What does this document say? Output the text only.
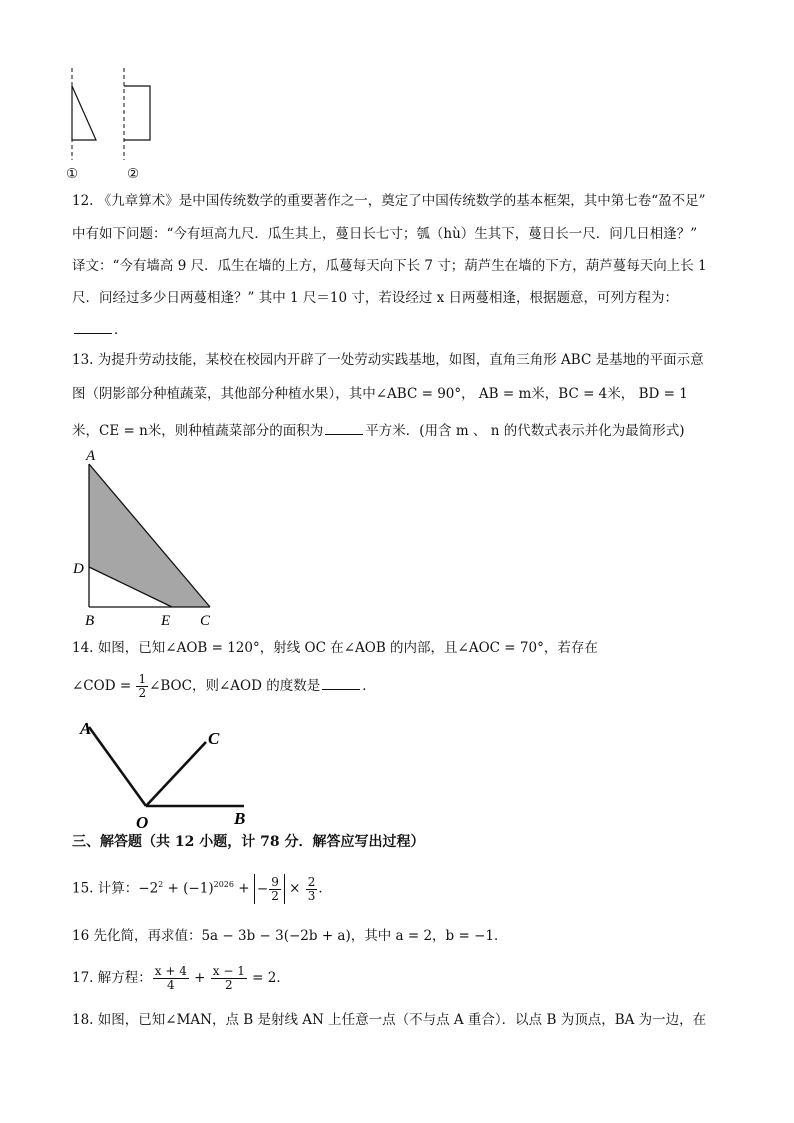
①	②
12. 《九章算术》是中国传统数学的重要著作之一，奠定了中国传统数学的基本框架，其中第七卷“盈不足”
中有如下问题：“今有垣高九尺．瓜生其上，蔓日长七寸；瓠（hù）生其下，蔓日长一尺．问几日相逢？”
译文：“今有墙高 9 尺．瓜生在墙的上方，瓜蔓每天向下长 7 寸；葫芦生在墙的下方，葫芦蔓每天向上长 1
尺．问经过多少日两蔓相逢？” 其中 1 尺＝10 寸，若设经过 x 日两蔓相逢，根据题意，可列方程为：
．
13. 为提升劳动技能，某校在校园内开辟了一处劳动实践基地，如图，直角三角形 ABC 是基地的平面示意
图（阴影部分种植蔬菜，其他部分种植水果），其中∠ABC = 90°， AB = m米，BC = 4米， BD = 1
米，CE = n米，则种植蔬菜部分的面积为	平方米．(用含 m 、 n 的代数式表示并化为最简形式)
A
D
B	E C
14. 如图，已知∠AOB = 120°，射线 OC 在∠AOB 的内部，且∠AOC = 70°，若存在
∠COD = $\frac{1}{2}$ ∠BOC，则∠AOD 的度数是	．
A
C
O	B
三、解答题（共 12 小题，计 78 分．解答应写出过程）
15. 计算：$-2^2 + (-1)^{2026}$ + − $\frac{9}{2} \times \frac{2}{3}$ ．
16 先化简，再求值：5a − 3b − 3(−2b + a)，其中 a = 2，b = −1．
17. 解方程： $\frac{x + 4}{4} + \frac{x - 1}{2} = 2$．
18. 如图，已知∠MAN，点 B 是射线 AN 上任意一点（不与点 A 重合）．以点 B 为顶点，BA 为一边，在
